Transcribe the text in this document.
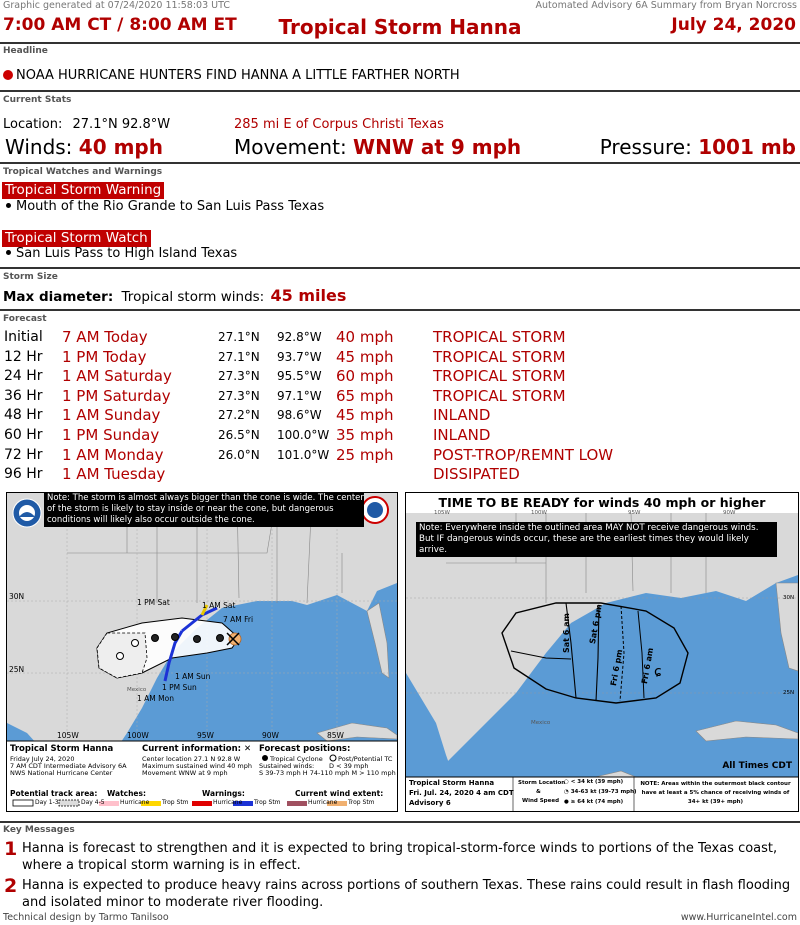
Graphic generated at 07/24/2020 11:58:03 UTC	Automated Advisory 6A Summary from Bryan Norcross
7:00 AM CT / 8:00 AM ET	Tropical Storm Hanna	July 24, 2020
Headline
NOAA HURRICANE HUNTERS FIND HANNA A LITTLE FARTHER NORTH
Current Stats
Location: 27.1°N 92.8°W	285 mi E of Corpus Christi Texas
Winds: 40 mph	Movement: WNW at 9 mph	Pressure: 1001 mb
Tropical Watches and Warnings
Tropical Storm Warning
Mouth of the Rio Grande to San Luis Pass Texas
Tropical Storm Watch
San Luis Pass to High Island Texas
Storm Size
Max diameter: Tropical storm winds: 45 miles
Forecast
Initial 7 AM Today	27.1°N 92.8°W 40 mph	TROPICAL STORM
12 Hr 1 PM Today	27.1°N 93.7°W 45 mph	TROPICAL STORM
24 Hr 1 AM Saturday	27.3°N 95.5°W 60 mph	TROPICAL STORM
36 Hr 1 PM Saturday	27.3°N 97.1°W 65 mph	TROPICAL STORM
48 Hr 1 AM Sunday	27.2°N 98.6°W 45 mph	INLAND
60 Hr 1 PM Sunday	26.5°N 100.0°W 35 mph	INLAND
72 Hr 1 AM Monday	26.0°N 101.0°W 25 mph	POST-TROP/REMNT LOW
96 Hr 1 AM Tuesday	DISSIPATED
Note: The storm is almost always bigger than the cone is wide. The center of the storm is likely to stay inside or near the cone, but dangerous conditions will likely also occur outside the cone.
30N
25N
105W	100W	95W	90W	85W
1 PM Sat	1 AM Sat
7 AM Fri
1 AM Sun
1 PM Sun
1 AM Mon
Mexico
Tropical Storm Hanna
Friday July 24, 2020
7 AM CDT Intermediate Advisory 6A
NWS National Hurricane Center
Current information: ✕
Center location 27.1 N 92.8 W
Maximum sustained wind 40 mph
Movement WNW at 9 mph
Forecast positions:
Tropical Cyclone Post/Potential TC
Sustained winds: D < 39 mph
S 39-73 mph H 74-110 mph M > 110 mph
Potential track area:
Day 1-3	Day 4-5
Watches:
Hurricane Trop Stm
Warnings:
Hurricane Trop Stm
Current wind extent:
Hurricane Trop Stm
ɕ
TIME TO BE READY for winds 40 mph or higher
105W	100W	95W	90W
Note: Everywhere inside the outlined area MAY NOT receive dangerous winds. But IF dangerous winds occur, these are the earliest times they would likely arrive.
30N
25N
Mexico
Sat 6 am Sat 6 pm
Fri 6 pm Fri 6 am
All Times CDT
Tropical Storm Hanna
Fri. Jul. 24, 2020 4 am CDT
Advisory 6
Storm Location
&
Wind Speed
○ < 34 kt (39 mph)
◔ 34-63 kt (39-73 mph)
● ≥ 64 kt (74 mph)
NOTE: Areas within the outermost black contour have at least a 5% chance of receiving winds of 34+ kt (39+ mph)
Key Messages
1 Hanna is forecast to strengthen and it is expected to bring tropical-storm-force winds to portions of the Texas coast, where a tropical storm warning is in effect.
2 Hanna is expected to produce heavy rains across portions of southern Texas. These rains could result in flash flooding and isolated minor to moderate river flooding.
Technical design by Tarmo Tanilsoo	www.HurricaneIntel.com
